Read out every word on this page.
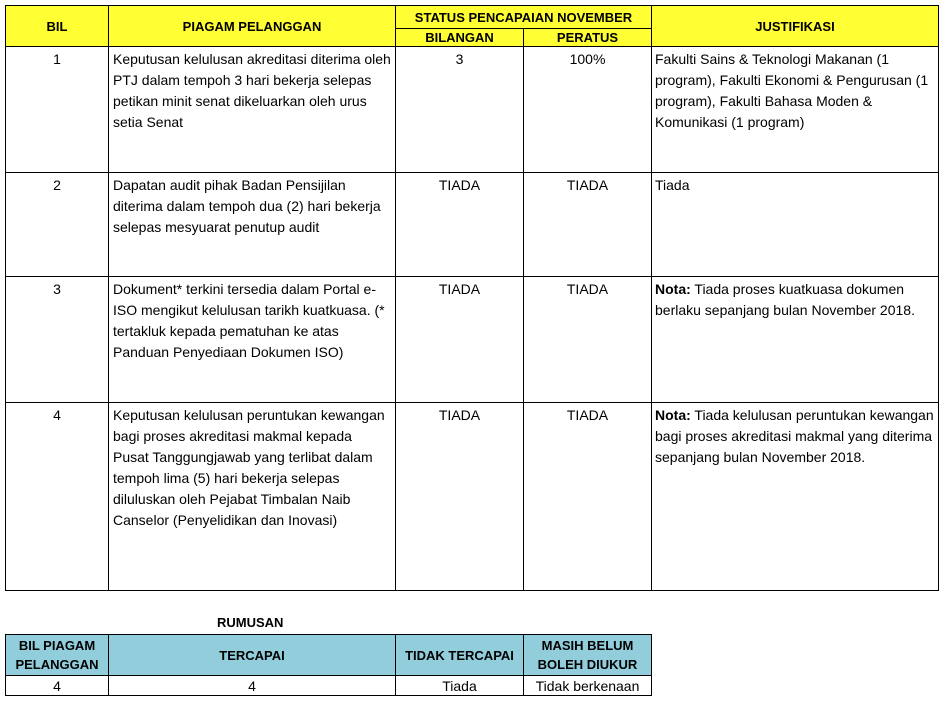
BIL	PIAGAM PELANGGAN	STATUS PENCAPAIAN NOVEMBER		JUSTIFIKASI
		BILANGAN	PERATUS	
1	Keputusan kelulusan akreditasi diterima oleh PTJ dalam tempoh 3 hari bekerja selepas petikan minit senat dikeluarkan oleh urus setia Senat	3	100%	Fakulti Sains & Teknologi Makanan (1 program), Fakulti Ekonomi & Pengurusan (1 program), Fakulti Bahasa Moden & Komunikasi (1 program)
2	Dapatan audit pihak Badan Pensijilan diterima dalam tempoh dua (2) hari bekerja selepas mesyuarat penutup audit	TIADA	TIADA	Tiada
3	Dokument* terkini tersedia dalam Portal e-ISO mengikut kelulusan tarikh kuatkuasa. (* tertakluk kepada pematuhan ke atas Panduan Penyediaan Dokumen ISO)	TIADA	TIADA	Nota: Tiada proses kuatkuasa dokumen berlaku sepanjang bulan November 2018.
4	Keputusan kelulusan peruntukan kewangan bagi proses akreditasi makmal kepada Pusat Tanggungjawab yang terlibat dalam tempoh lima (5) hari bekerja selepas diluluskan oleh Pejabat Timbalan Naib Canselor (Penyelidikan dan Inovasi)	TIADA	TIADA	Nota: Tiada kelulusan peruntukan kewangan bagi proses akreditasi makmal yang diterima sepanjang bulan November 2018.
RUMUSAN
BIL PIAGAM PELANGGAN	TERCAPAI	TIDAK TERCAPAI	MASIH BELUM BOLEH DIUKUR
4	4	Tiada	Tidak berkenaan
